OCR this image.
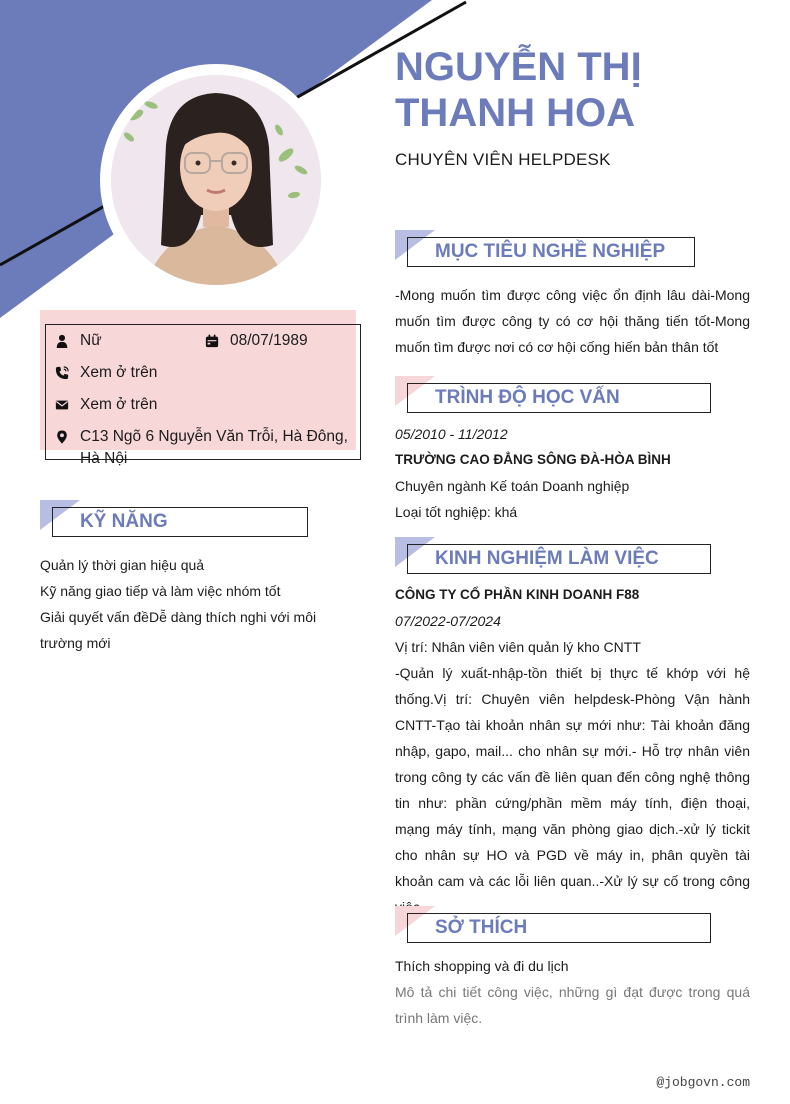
NGUYỄN THỊ
THANH HOA
CHUYÊN VIÊN HELPDESK
Nữ	08/07/1989
Xem ở trên
Xem ở trên
C13 Ngõ 6 Nguyễn Văn Trỗi, Hà Đông, Hà Nội
KỸ NĂNG
Quản lý thời gian hiệu quả
Kỹ năng giao tiếp và làm việc nhóm tốt
Giải quyết vấn đềDễ dàng thích nghi với môi trường mới
MỤC TIÊU NGHỀ NGHIỆP
-Mong muốn tìm được công việc ổn định lâu dài-Mong muốn tìm được công ty có cơ hội thăng tiến tốt-Mong muốn tìm được nơi có cơ hội cống hiến bản thân tốt
TRÌNH ĐỘ HỌC VẤN
05/2010 - 11/2012
TRƯỜNG CAO ĐẲNG SÔNG ĐÀ-HÒA BÌNH
Chuyên ngành Kế toán Doanh nghiệp
Loại tốt nghiệp: khá
KINH NGHIỆM LÀM VIỆC
CÔNG TY CỔ PHẦN KINH DOANH F88
07/2022-07/2024
Vị trí: Nhân viên viên quản lý kho CNTT
-Quản lý xuất-nhập-tồn thiết bị thực tế khớp với hệ thống.Vị trí: Chuyên viên helpdesk-Phòng Vận hành CNTT-Tạo tài khoản nhân sự mới như: Tài khoản đăng nhập, gapo, mail... cho nhân sự mới.- Hỗ trợ nhân viên trong công ty các vấn đề liên quan đến công nghệ thông tin như: phần cứng/phần mềm máy tính, điện thoại, mạng máy tính, mạng văn phòng giao dịch.-xử lý tickit cho nhân sự HO và PGD về máy in, phân quyền tài khoản cam và các lỗi liên quan..-Xử lý sự cố trong công
SỞ THÍCH
Thích shopping và đi du lịch
Mô tả chi tiết công việc, những gì đạt được trong quá trình làm việc.
@jobgovn.com
